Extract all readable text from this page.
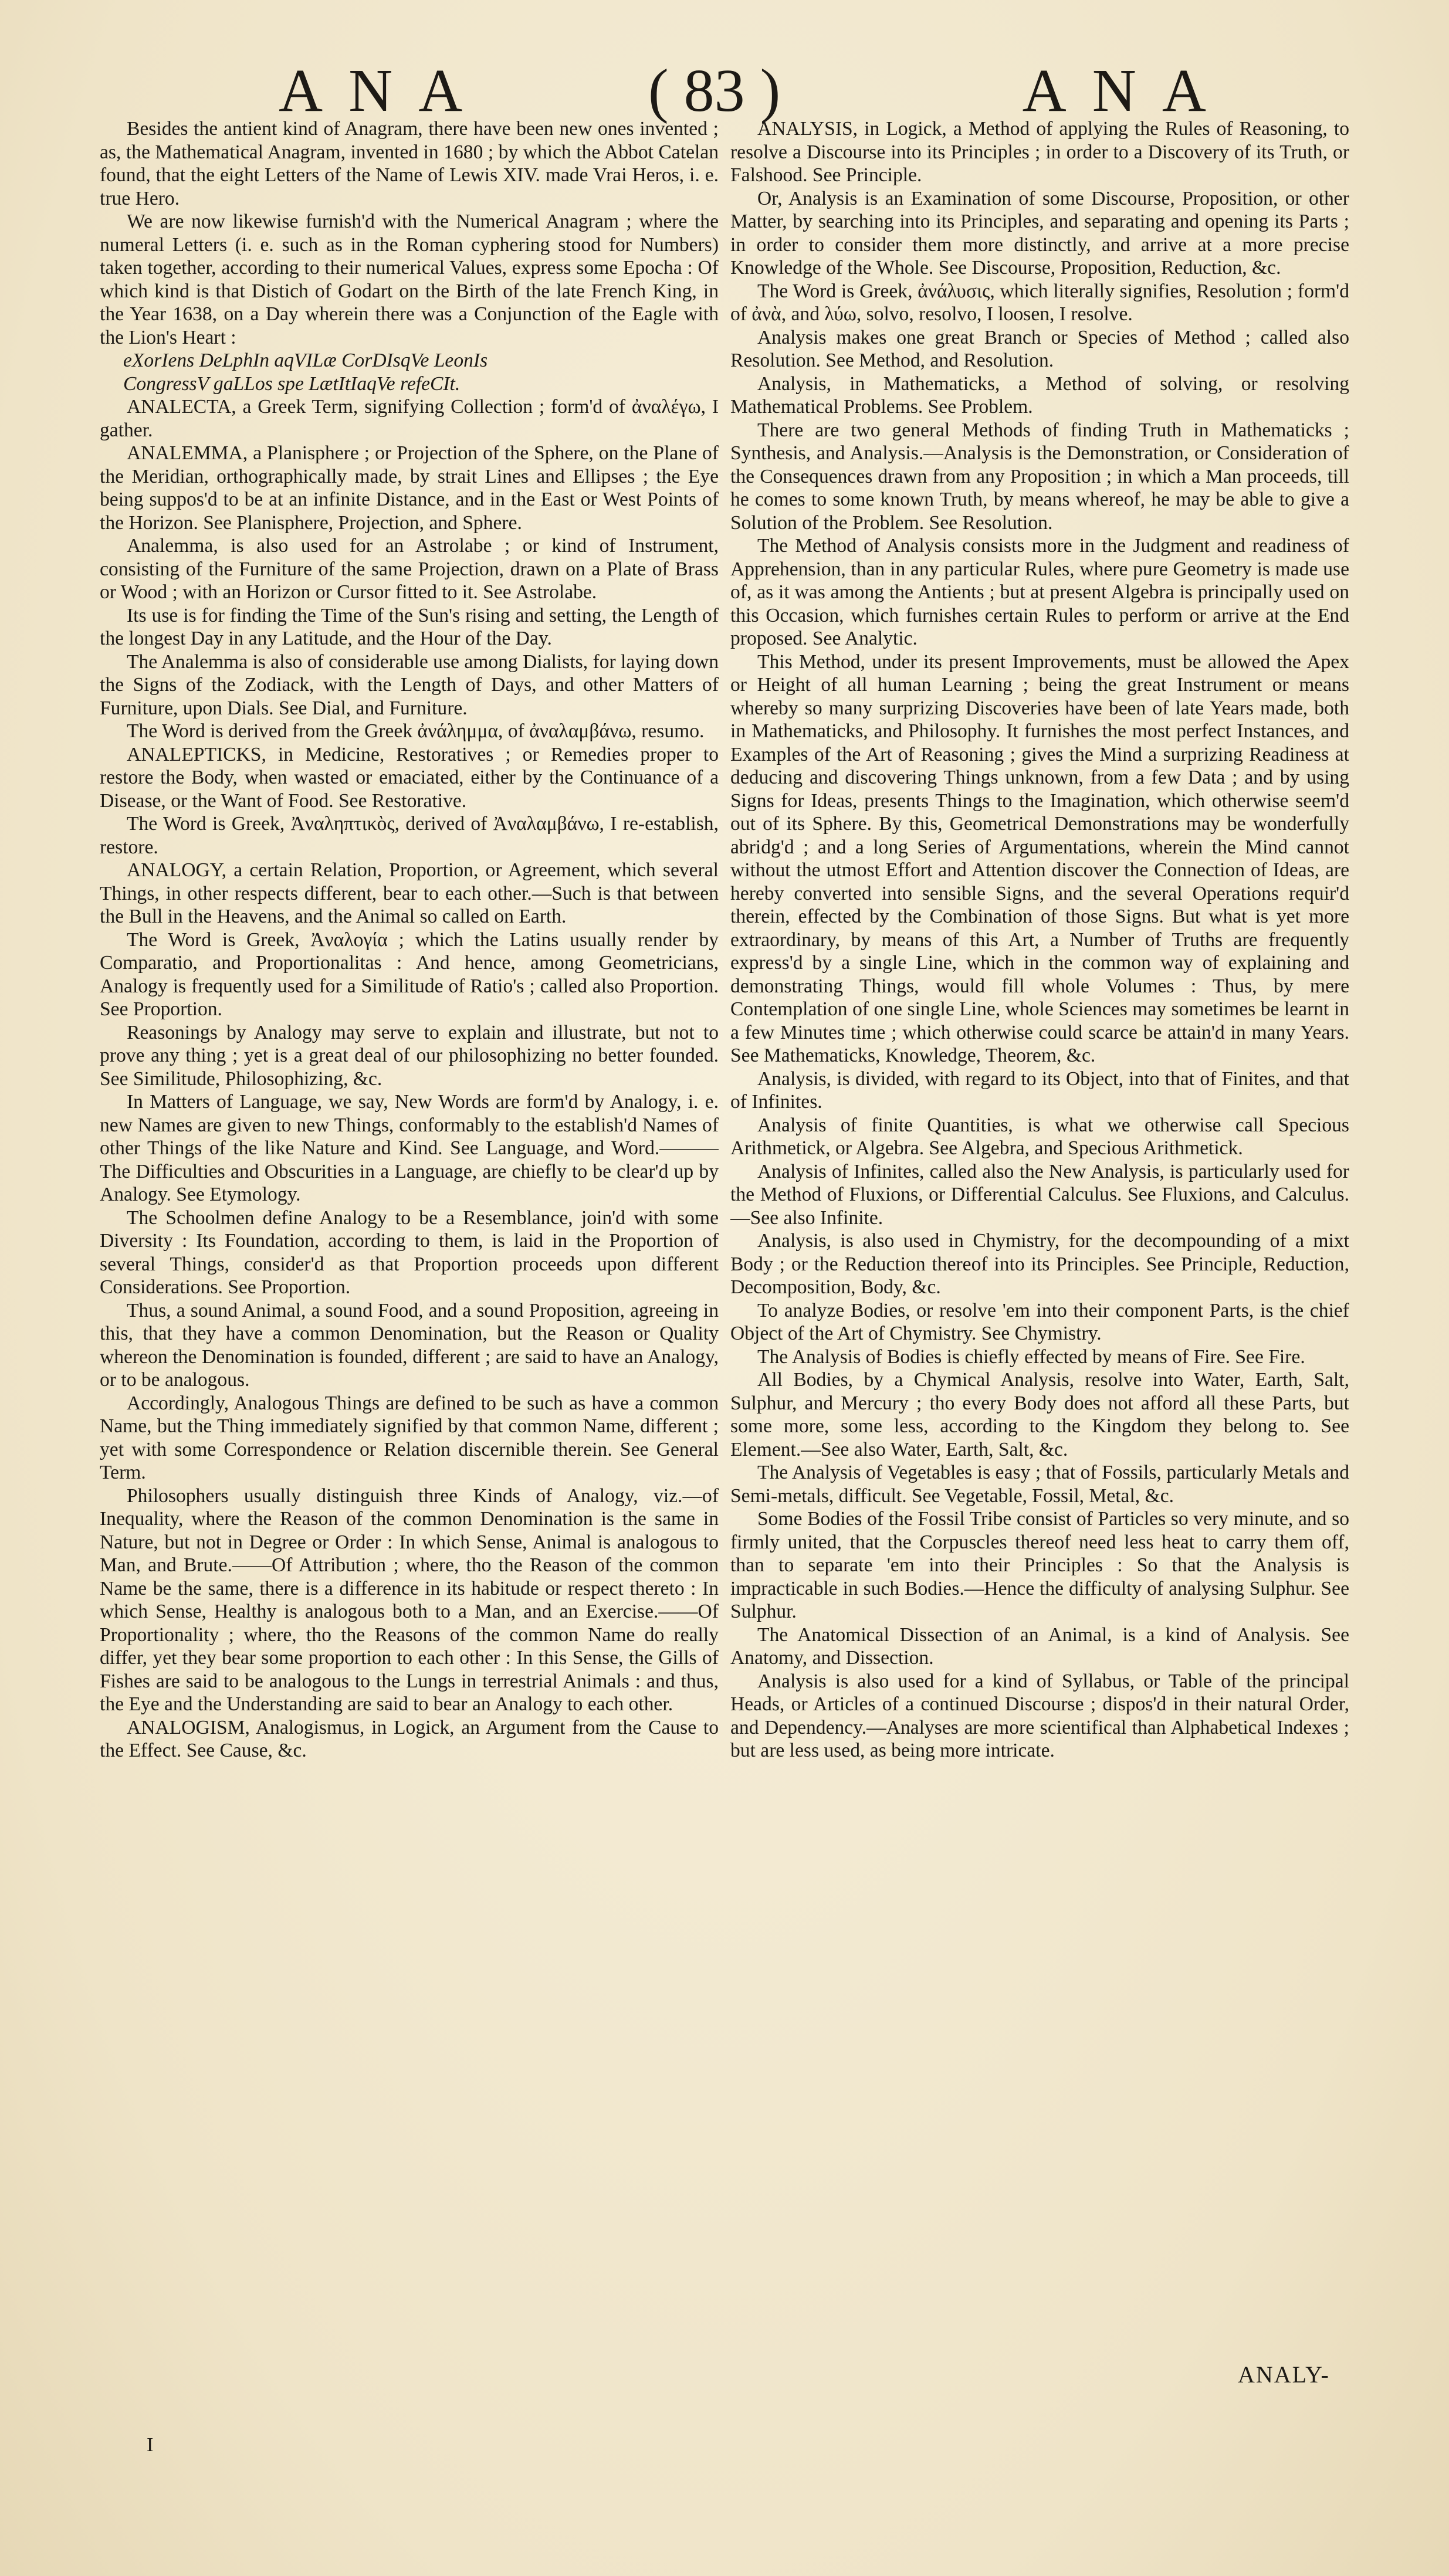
ANA	( 83 )	ANA

Besides the antient kind of Anagram, there have been new ones invented ; as, the Mathematical Anagram, invented in 1680 ; by which the Abbot Catelan found, that the eight Letters of the Name of Lewis XIV. made Vrai Heros, i. e. true Hero.

We are now likewise furnish'd with the Numerical Anagram ; where the numeral Letters (i. e. such as in the Roman cyphering stood for Numbers) taken together, according to their numerical Values, express some Epocha : Of which kind is that Distich of Godart on the Birth of the late French King, in the Year 1638, on a Day wherein there was a Conjunction of the Eagle with the Lion's Heart :

eXorIens DeLphIn aqVILæ CorDIsqVe LeonIs

CongressV gaLLos spe LætItIaqVe refeCIt.

ANALECTA, a Greek Term, signifying Collection ; form'd of ἀναλέγω, I gather.

ANALEMMA, a Planisphere ; or Projection of the Sphere, on the Plane of the Meridian, orthographically made, by strait Lines and Ellipses ; the Eye being suppos'd to be at an infinite Distance, and in the East or West Points of the Horizon. See Planisphere, Projection, and Sphere.

Analemma, is also used for an Astrolabe ; or kind of Instrument, consisting of the Furniture of the same Projection, drawn on a Plate of Brass or Wood ; with an Horizon or Cursor fitted to it. See Astrolabe.

Its use is for finding the Time of the Sun's rising and setting, the Length of the longest Day in any Latitude, and the Hour of the Day.

The Analemma is also of considerable use among Dialists, for laying down the Signs of the Zodiack, with the Length of Days, and other Matters of Furniture, upon Dials. See Dial, and Furniture.

The Word is derived from the Greek ἀνάλημμα, of ἀναλαμβάνω, resumo.

ANALEPTICKS, in Medicine, Restoratives ; or Remedies proper to restore the Body, when wasted or emaciated, either by the Continuance of a Disease, or the Want of Food. See Restorative.

The Word is Greek, Ἀναληπτικὸς, derived of Ἀναλαμβάνω, I re-establish, restore.

ANALOGY, a certain Relation, Proportion, or Agreement, which several Things, in other respects different, bear to each other.—Such is that between the Bull in the Heavens, and the Animal so called on Earth.

The Word is Greek, Ἀναλογία ; which the Latins usually render by Comparatio, and Proportionalitas : And hence, among Geometricians, Analogy is frequently used for a Similitude of Ratio's ; called also Proportion. See Proportion.

Reasonings by Analogy may serve to explain and illustrate, but not to prove any thing ; yet is a great deal of our philosophizing no better founded. See Similitude, Philosophizing, &c.

In Matters of Language, we say, New Words are form'd by Analogy, i. e. new Names are given to new Things, conformably to the establish'd Names of other Things of the like Nature and Kind. See Language, and Word.——— The Difficulties and Obscurities in a Language, are chiefly to be clear'd up by Analogy. See Etymology.

The Schoolmen define Analogy to be a Resemblance, join'd with some Diversity : Its Foundation, according to them, is laid in the Proportion of several Things, consider'd as that Proportion proceeds upon different Considerations. See Proportion.

Thus, a sound Animal, a sound Food, and a sound Proposition, agreeing in this, that they have a common Denomination, but the Reason or Quality whereon the Denomination is founded, different ; are said to have an Analogy, or to be analogous.

Accordingly, Analogous Things are defined to be such as have a common Name, but the Thing immediately signified by that common Name, different ; yet with some Correspondence or Relation discernible therein. See General Term.

Philosophers usually distinguish three Kinds of Analogy, viz.—of Inequality, where the Reason of the common Denomination is the same in Nature, but not in Degree or Order : In which Sense, Animal is analogous to Man, and Brute.——Of Attribution ; where, tho the Reason of the common Name be the same, there is a difference in its habitude or respect thereto : In which Sense, Healthy is analogous both to a Man, and an Exercise.——Of Proportionality ; where, tho the Reasons of the common Name do really differ, yet they bear some proportion to each other : In this Sense, the Gills of Fishes are said to be analogous to the Lungs in terrestrial Animals : and thus, the Eye and the Understanding are said to bear an Analogy to each other.

ANALOGISM, Analogismus, in Logick, an Argument from the Cause to the Effect. See Cause, &c.

ANALYSIS, in Logick, a Method of applying the Rules of Reasoning, to resolve a Discourse into its Principles ; in order to a Discovery of its Truth, or Falshood. See Principle.

Or, Analysis is an Examination of some Discourse, Proposition, or other Matter, by searching into its Principles, and separating and opening its Parts ; in order to consider them more distinctly, and arrive at a more precise Knowledge of the Whole. See Discourse, Proposition, Reduction, &c.

The Word is Greek, ἀνάλυσις, which literally signifies, Resolution ; form'd of ἀνὰ, and λύω, solvo, resolvo, I loosen, I resolve.

Analysis makes one great Branch or Species of Method ; called also Resolution. See Method, and Resolution.

Analysis, in Mathematicks, a Method of solving, or resolving Mathematical Problems. See Problem.

There are two general Methods of finding Truth in Mathematicks ; Synthesis, and Analysis.—Analysis is the Demonstration, or Consideration of the Consequences drawn from any Proposition ; in which a Man proceeds, till he comes to some known Truth, by means whereof, he may be able to give a Solution of the Problem. See Resolution.

The Method of Analysis consists more in the Judgment and readiness of Apprehension, than in any particular Rules, where pure Geometry is made use of, as it was among the Antients ; but at present Algebra is principally used on this Occasion, which furnishes certain Rules to perform or arrive at the End proposed. See Analytic.

This Method, under its present Improvements, must be allowed the Apex or Height of all human Learning ; being the great Instrument or means whereby so many surprizing Discoveries have been of late Years made, both in Mathematicks, and Philosophy. It furnishes the most perfect Instances, and Examples of the Art of Reasoning ; gives the Mind a surprizing Readiness at deducing and discovering Things unknown, from a few Data ; and by using Signs for Ideas, presents Things to the Imagination, which otherwise seem'd out of its Sphere. By this, Geometrical Demonstrations may be wonderfully abridg'd ; and a long Series of Argumentations, wherein the Mind cannot without the utmost Effort and Attention discover the Connection of Ideas, are hereby converted into sensible Signs, and the several Operations requir'd therein, effected by the Combination of those Signs. But what is yet more extraordinary, by means of this Art, a Number of Truths are frequently express'd by a single Line, which in the common way of explaining and demonstrating Things, would fill whole Volumes : Thus, by mere Contemplation of one single Line, whole Sciences may sometimes be learnt in a few Minutes time ; which otherwise could scarce be attain'd in many Years. See Mathematicks, Knowledge, Theorem, &c.

Analysis, is divided, with regard to its Object, into that of Finites, and that of Infinites.

Analysis of finite Quantities, is what we otherwise call Specious Arithmetick, or Algebra. See Algebra, and Specious Arithmetick.

Analysis of Infinites, called also the New Analysis, is particularly used for the Method of Fluxions, or Differential Calculus. See Fluxions, and Calculus.—See also Infinite.

Analysis, is also used in Chymistry, for the decompounding of a mixt Body ; or the Reduction thereof into its Principles. See Principle, Reduction, Decomposition, Body, &c.

To analyze Bodies, or resolve 'em into their component Parts, is the chief Object of the Art of Chymistry. See Chymistry.

The Analysis of Bodies is chiefly effected by means of Fire. See Fire.

All Bodies, by a Chymical Analysis, resolve into Water, Earth, Salt, Sulphur, and Mercury ; tho every Body does not afford all these Parts, but some more, some less, according to the Kingdom they belong to. See Element.—See also Water, Earth, Salt, &c.

The Analysis of Vegetables is easy ; that of Fossils, particularly Metals and Semi-metals, difficult. See Vegetable, Fossil, Metal, &c.

Some Bodies of the Fossil Tribe consist of Particles so very minute, and so firmly united, that the Corpuscles thereof need less heat to carry them off, than to separate 'em into their Principles : So that the Analysis is impracticable in such Bodies.—Hence the difficulty of analysing Sulphur. See Sulphur.

The Anatomical Dissection of an Animal, is a kind of Analysis. See Anatomy, and Dissection.

Analysis is also used for a kind of Syllabus, or Table of the principal Heads, or Articles of a continued Discourse ; dispos'd in their natural Order, and Dependency.—Analyses are more scientifical than Alphabetical Indexes ; but are less used, as being more intricate.

I
ANALY-
